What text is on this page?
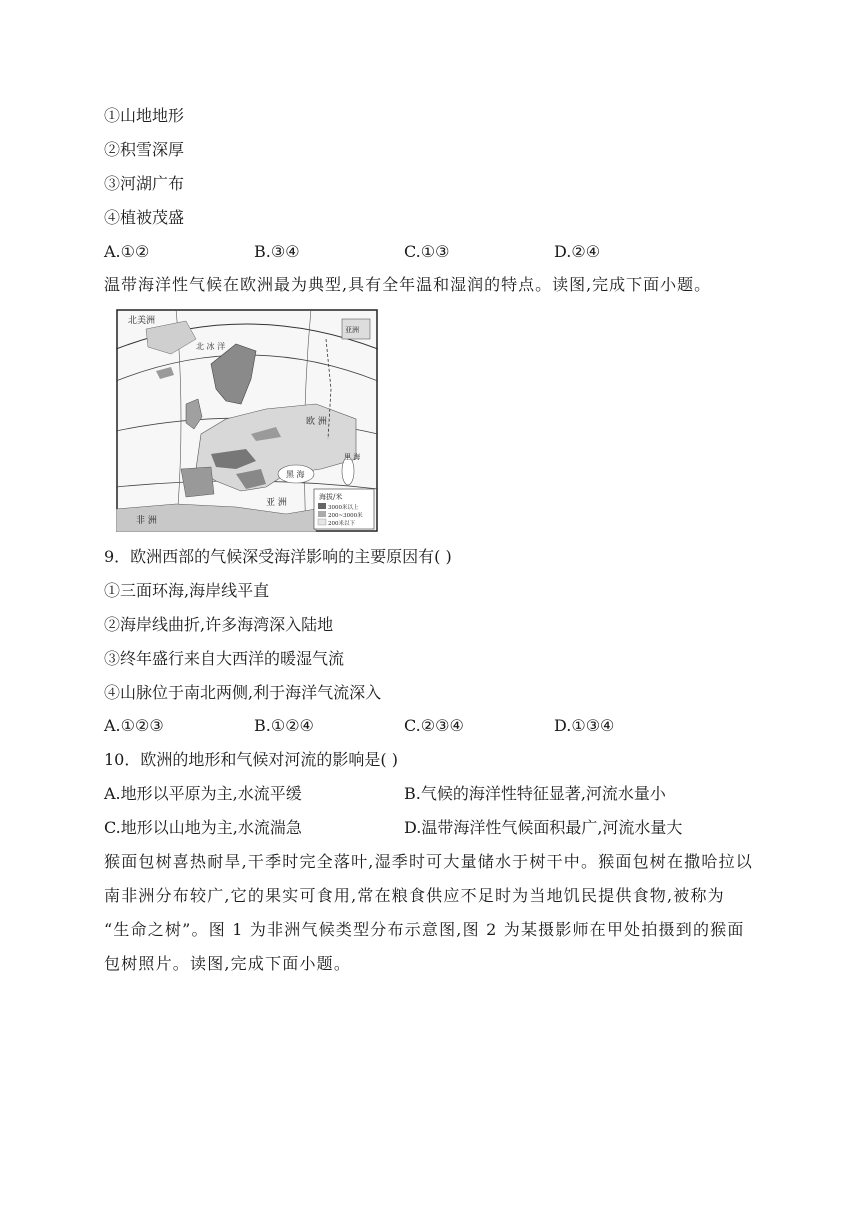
①山地地形
②积雪深厚
③河湖广布
④植被茂盛
A.①②	B.③④	C.①③	D.②④
温带海洋性气候在欧洲最为典型,具有全年温和湿润的特点。读图,完成下面小题。
北美洲
北 冰 洋
欧 洲
黑 海
里 海
亚 洲
非 洲
亚洲
海拔/米
3000米以上
200~3000米
200米以下
9．欧洲西部的气候深受海洋影响的主要原因有( )
①三面环海,海岸线平直
②海岸线曲折,许多海湾深入陆地
③终年盛行来自大西洋的暖湿气流
④山脉位于南北两侧,利于海洋气流深入
A.①②③	B.①②④	C.②③④	D.①③④
10．欧洲的地形和气候对河流的影响是( )
A.地形以平原为主,水流平缓	B.气候的海洋性特征显著,河流水量小
C.地形以山地为主,水流湍急	D.温带海洋性气候面积最广,河流水量大
猴面包树喜热耐旱,干季时完全落叶,湿季时可大量储水于树干中。猴面包树在撒哈拉以
南非洲分布较广,它的果实可食用,常在粮食供应不足时为当地饥民提供食物,被称为
“生命之树”。图 1 为非洲气候类型分布示意图,图 2 为某摄影师在甲处拍摄到的猴面
包树照片。读图,完成下面小题。
